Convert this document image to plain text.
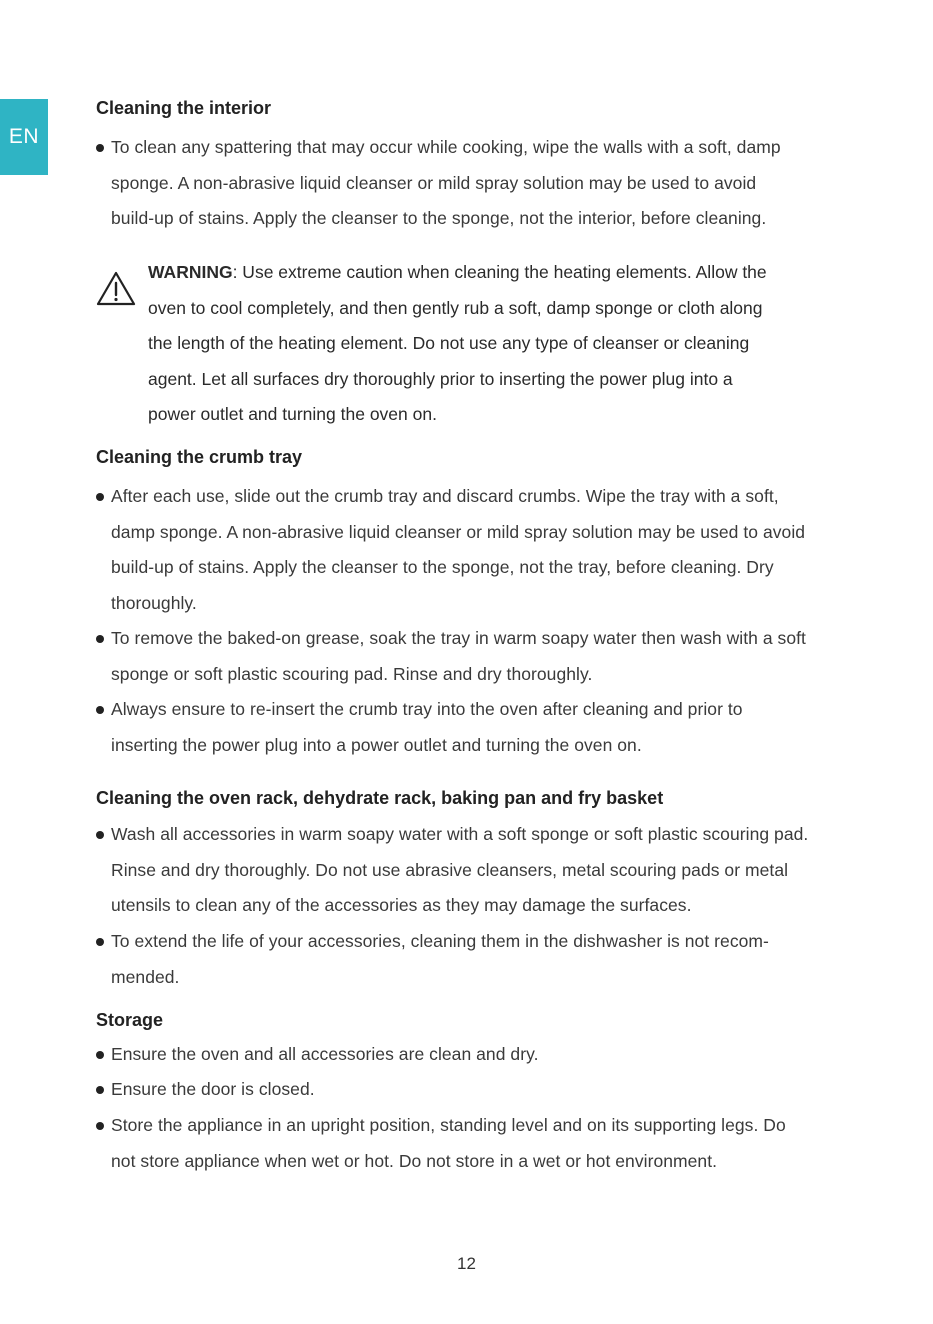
EN
Cleaning the interior
To clean any spattering that may occur while cooking, wipe the walls with a soft, damp
sponge. A non-abrasive liquid cleanser or mild spray solution may be used to avoid
build-up of stains. Apply the cleanser to the sponge, not the interior, before cleaning.
WARNING: Use extreme caution when cleaning the heating elements. Allow the
oven to cool completely, and then gently rub a soft, damp sponge or cloth along
the length of the heating element. Do not use any type of cleanser or cleaning
agent. Let all surfaces dry thoroughly prior to inserting the power plug into a
power outlet and turning the oven on.
Cleaning the crumb tray
After each use, slide out the crumb tray and discard crumbs. Wipe the tray with a soft,
damp sponge. A non-abrasive liquid cleanser or mild spray solution may be used to avoid
build-up of stains. Apply the cleanser to the sponge, not the tray, before cleaning. Dry
thoroughly.
To remove the baked-on grease, soak the tray in warm soapy water then wash with a soft
sponge or soft plastic scouring pad. Rinse and dry thoroughly.
Always ensure to re-insert the crumb tray into the oven after cleaning and prior to
inserting the power plug into a power outlet and turning the oven on.
Cleaning the oven rack, dehydrate rack, baking pan and fry basket
Wash all accessories in warm soapy water with a soft sponge or soft plastic scouring pad.
Rinse and dry thoroughly. Do not use abrasive cleansers, metal scouring pads or metal
utensils to clean any of the accessories as they may damage the surfaces.
To extend the life of your accessories, cleaning them in the dishwasher is not recom-
mended.
Storage
Ensure the oven and all accessories are clean and dry.
Ensure the door is closed.
Store the appliance in an upright position, standing level and on its supporting legs. Do
not store appliance when wet or hot. Do not store in a wet or hot environment.
12
